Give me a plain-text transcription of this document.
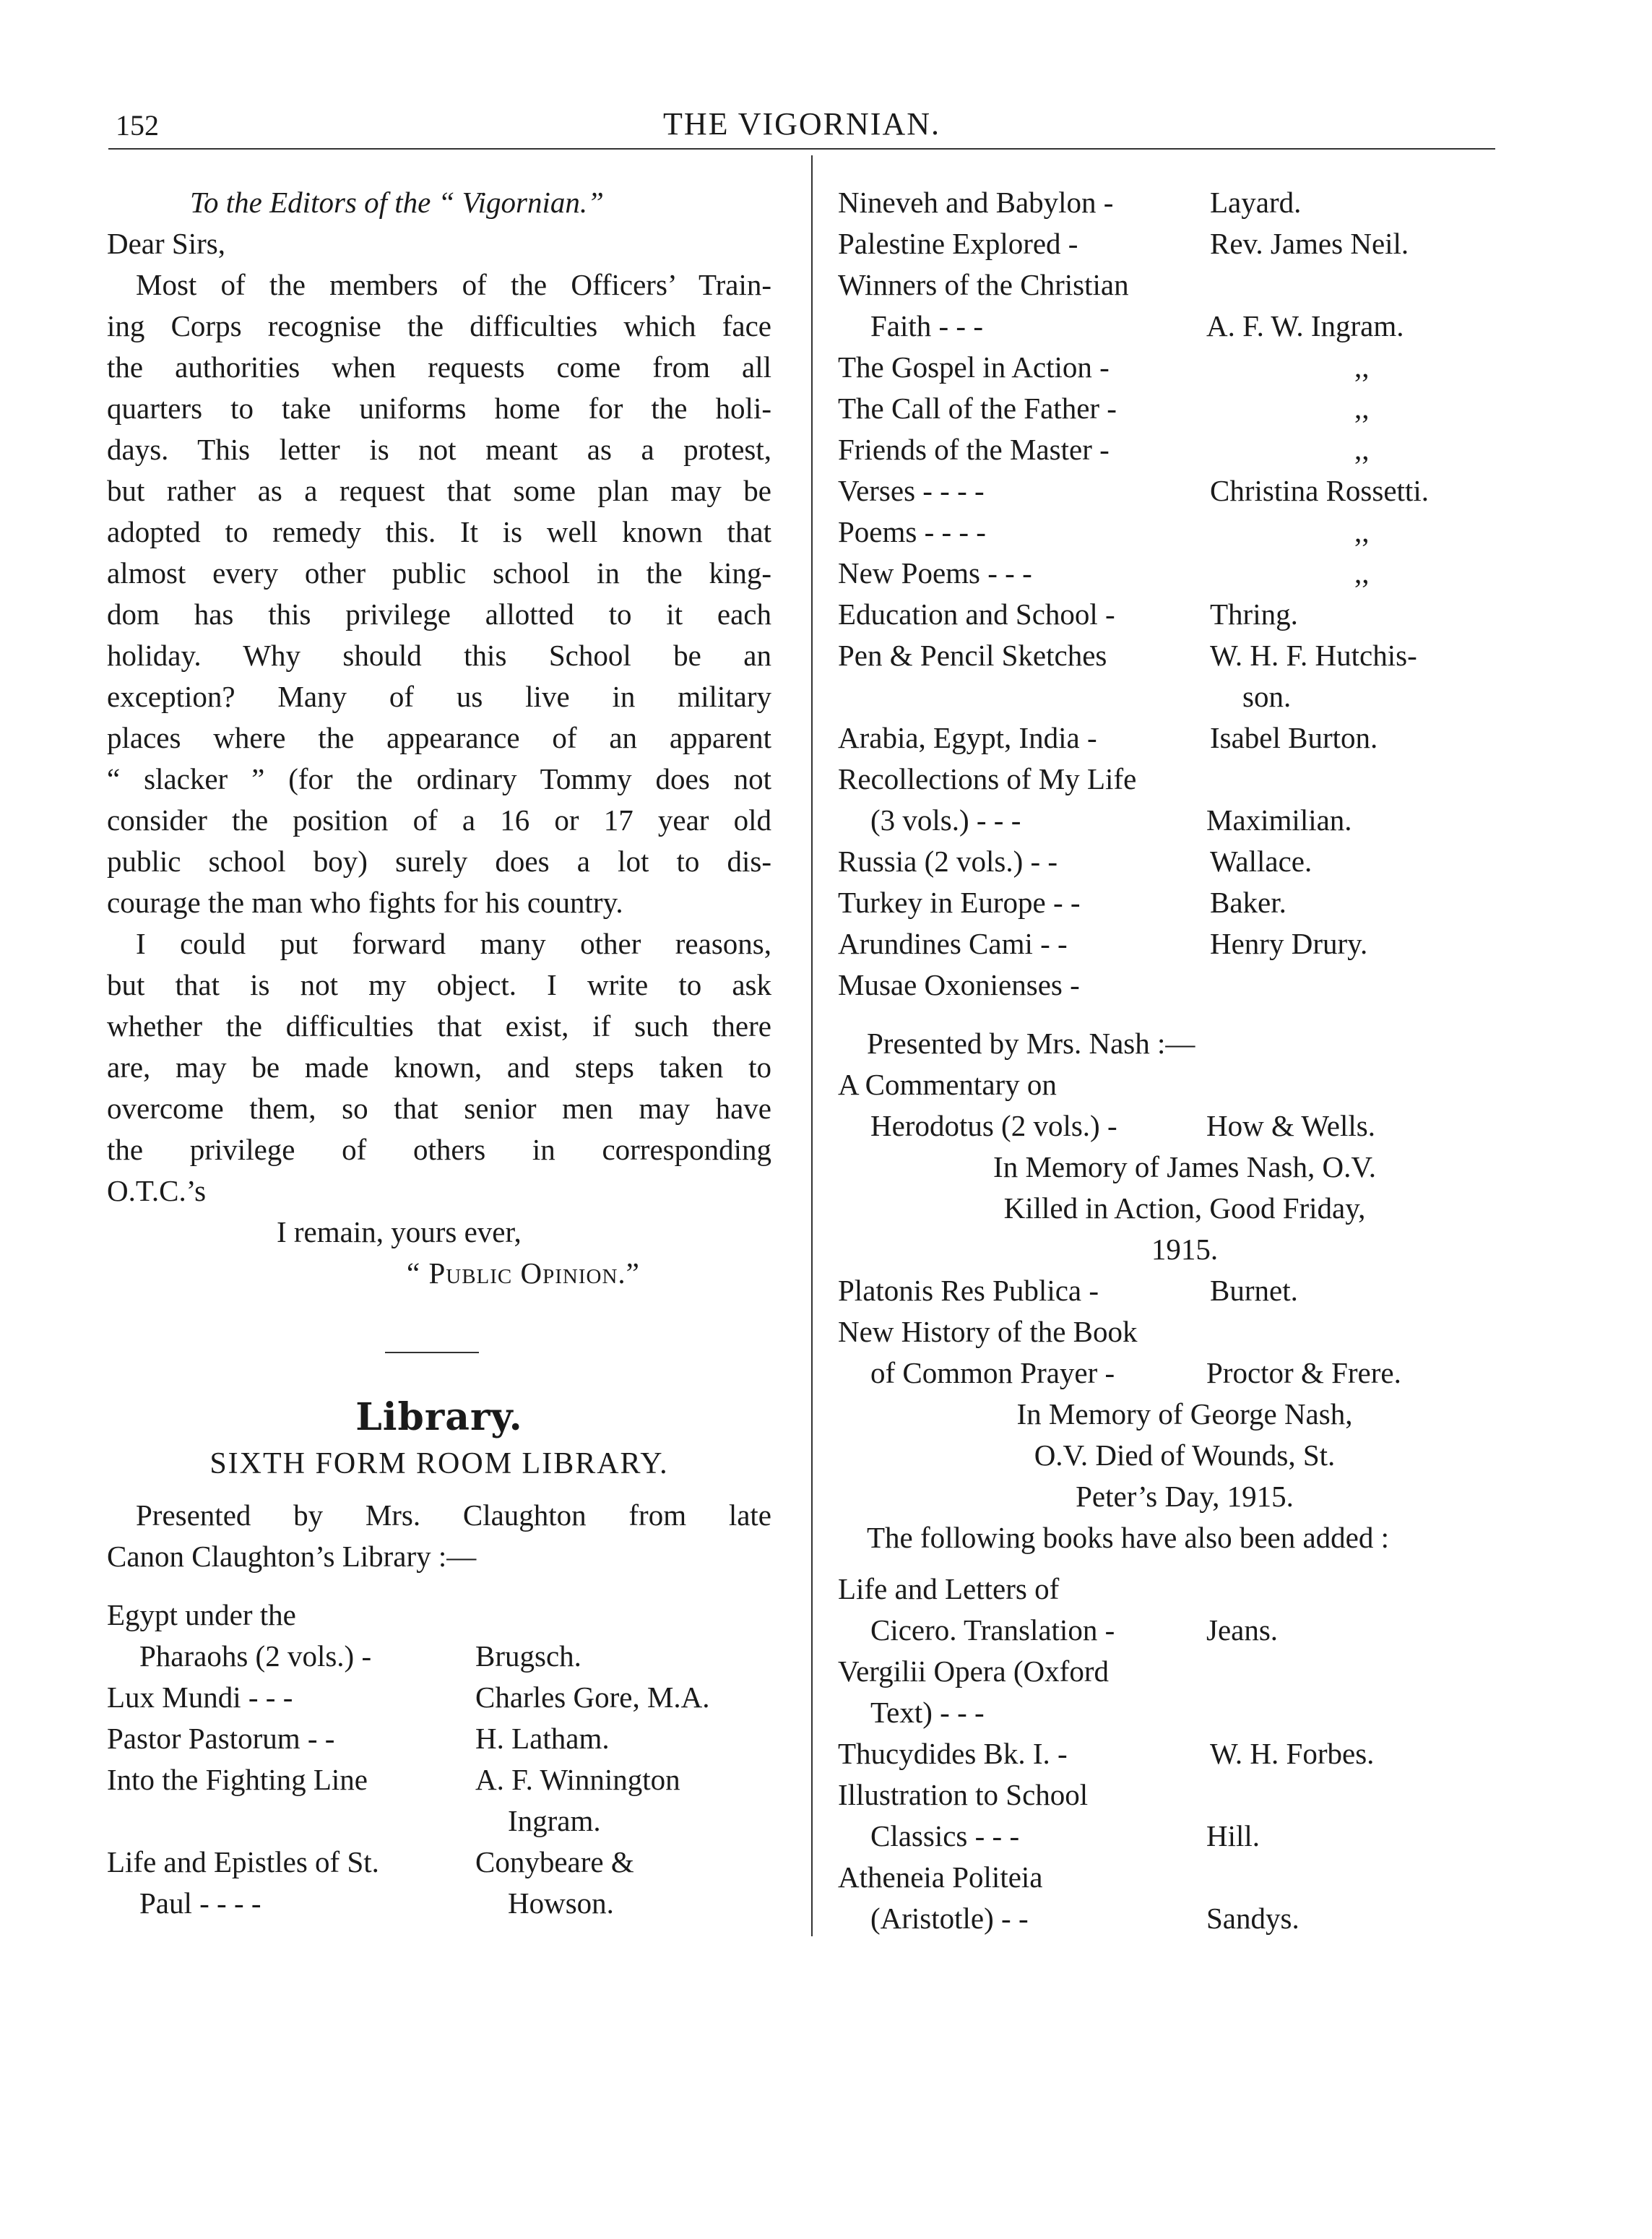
152	THE VIGORNIAN.
To the Editors of the “ Vigornian.”
Dear Sirs,
Most of the members of the Officers’ Train-
ing Corps recognise the difficulties which face
the authorities when requests come from all
quarters to take uniforms home for the holi-
days. This letter is not meant as a protest,
but rather as a request that some plan may be
adopted to remedy this. It is well known that
almost every other public school in the king-
dom has this privilege allotted to it each
holiday. Why should this School be an
exception? Many of us live in military
places where the appearance of an apparent
“ slacker ” (for the ordinary Tommy does not
consider the position of a 16 or 17 year old
public school boy) surely does a lot to dis-
courage the man who fights for his country.
I could put forward many other reasons,
but that is not my object. I write to ask
whether the difficulties that exist, if such there
are, may be made known, and steps taken to
overcome them, so that senior men may have
the privilege of others in corresponding
O.T.C.’s
I remain, yours ever,
“ Public Opinion.”
Library.
SIXTH FORM ROOM LIBRARY.
Presented by Mrs. Claughton from late
Canon Claughton’s Library :—
Egypt under the
Pharaohs (2 vols.) -	Brugsch.
Lux Mundi - - -	Charles Gore, M.A.
Pastor Pastorum - -	H. Latham.
Into the Fighting Line	A. F. Winnington
Ingram.
Life and Epistles of St.	Conybeare &
Paul - - - -	Howson.
Nineveh and Babylon -	Layard.
Palestine Explored -	Rev. James Neil.
Winners of the Christian
Faith - - -	A. F. W. Ingram.
The Gospel in Action -	,,
The Call of the Father -	,,
Friends of the Master -	,,
Verses - - - -	Christina Rossetti.
Poems - - - -	,,
New Poems - - -	,,
Education and School -	Thring.
Pen & Pencil Sketches	W. H. F. Hutchis-
son.
Arabia, Egypt, India -	Isabel Burton.
Recollections of My Life
(3 vols.) - - -	Maximilian.
Russia (2 vols.) - -	Wallace.
Turkey in Europe - -	Baker.
Arundines Cami - -	Henry Drury.
Musae Oxonienses -
Presented by Mrs. Nash :—
A Commentary on
Herodotus (2 vols.) -	How & Wells.
In Memory of James Nash, O.V.
Killed in Action, Good Friday,
1915.
Platonis Res Publica -	Burnet.
New History of the Book
of Common Prayer -	Proctor & Frere.
In Memory of George Nash,
O.V. Died of Wounds, St.
Peter’s Day, 1915.
The following books have also been added :
Life and Letters of
Cicero. Translation -	Jeans.
Vergilii Opera (Oxford
Text) - - -
Thucydides Bk. I. -	W. H. Forbes.
Illustration to School
Classics - - -	Hill.
Atheneia Politeia
(Aristotle) - -	Sandys.
